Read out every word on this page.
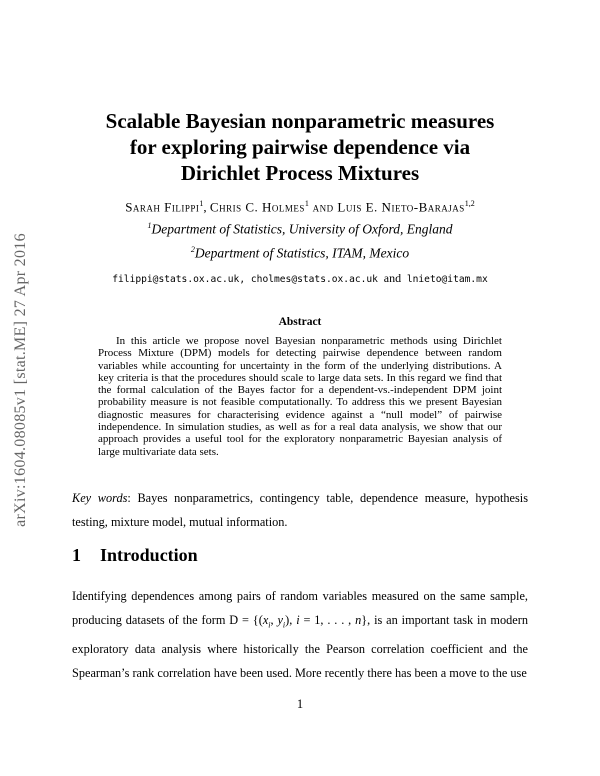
arXiv:1604.08085v1 [stat.ME] 27 Apr 2016
Scalable Bayesian nonparametric measures
for exploring pairwise dependence via
Dirichlet Process Mixtures
Sarah Filippi$^1$, Chris C. Holmes$^1$ and Luis E. Nieto-Barajas$^{1,2}$
$^1$Department of Statistics, University of Oxford, England
$^2$Department of Statistics, ITAM, Mexico
filippi@stats.ox.ac.uk, cholmes@stats.ox.ac.uk and lnieto@itam.mx
Abstract

In this article we propose novel Bayesian nonparametric methods using Dirichlet Process Mixture (DPM) models for detecting pairwise dependence between random variables while accounting for uncertainty in the form of the underlying distributions. A key criteria is that the procedures should scale to large data sets. In this regard we find that the formal calculation of the Bayes factor for a dependent-vs.-independent DPM joint probability measure is not feasible computationally. To address this we present Bayesian diagnostic measures for characterising evidence against a “null model” of pairwise independence. In simulation studies, as well as for a real data analysis, we show that our approach provides a useful tool for the exploratory nonparametric Bayesian analysis of large multivariate data sets.

Key words: Bayes nonparametrics, contingency table, dependence measure, hypothesis testing, mixture model, mutual information.

1 Introduction

Identifying dependences among pairs of random variables measured on the same sample, producing datasets of the form $D = \{(x_i$, $y_i$), i = 1, . . . , n}, is an important task in modern exploratory data analysis where historically the Pearson correlation coefficient and the Spearman’s rank correlation have been used. More recently there has been a move to the use

1
